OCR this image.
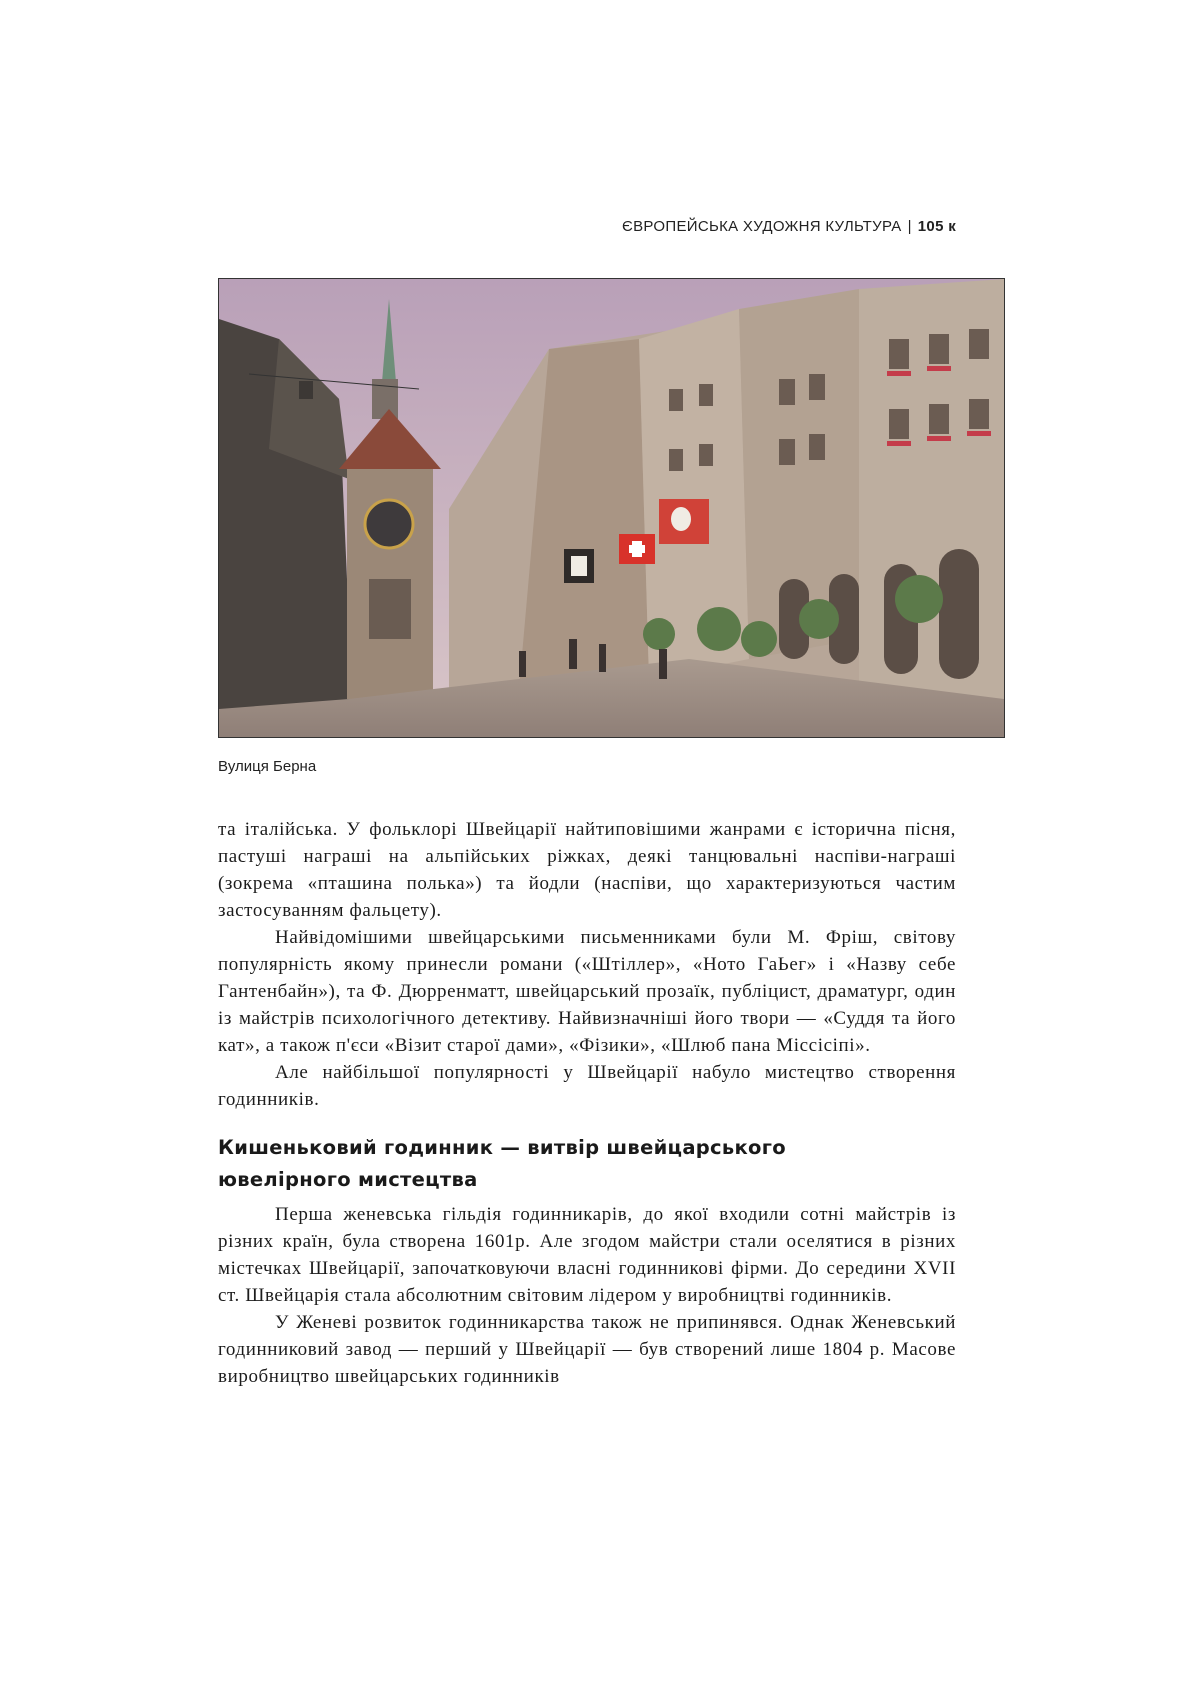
ЄВРОПЕЙСЬКА ХУДОЖНЯ КУЛЬТУРА | 105 к
Вулиця Берна

та італійська. У фольклорі Швейцарії найтиповішими жанрами є історична пісня, пастуші награші на альпійських ріжках, деякі танцювальні наспіви-награші (зокрема «пташина полька») та йодли (наспіви, що характеризуються частим застосуванням фальцету).

Найвідомішими швейцарськими письменниками були М. Фріш, світову популярність якому принесли романи («Штіллер», «Ното ГаЬег» і «Назву себе Гантенбайн»), та Ф. Дюрренматт, швейцарський прозаїк, публіцист, драматург, один із майстрів психологічного детективу. Найвизначніші його твори — «Суддя та його кат», а також п'єси «Візит старої дами», «Фізики», «Шлюб пана Міссісіпі».

Але найбільшої популярності у Швейцарії набуло мистецтво створення годинників.

Кишеньковий годинник — витвір швейцарського
ювелірного мистецтва

Перша женевська гільдія годинникарів, до якої входили сотні майстрів із різних країн, була створена 1601р. Але згодом майстри стали оселятися в різних містечках Швейцарії, започатковуючи власні годинникові фірми. До середини XVII ст. Швейцарія стала абсолютним світовим лідером у виробництві годинників.

У Женеві розвиток годинникарства також не припинявся. Однак Женевський годинниковий завод — перший у Швейцарії — був створений лише 1804 р. Масове виробництво швейцарських годинників
